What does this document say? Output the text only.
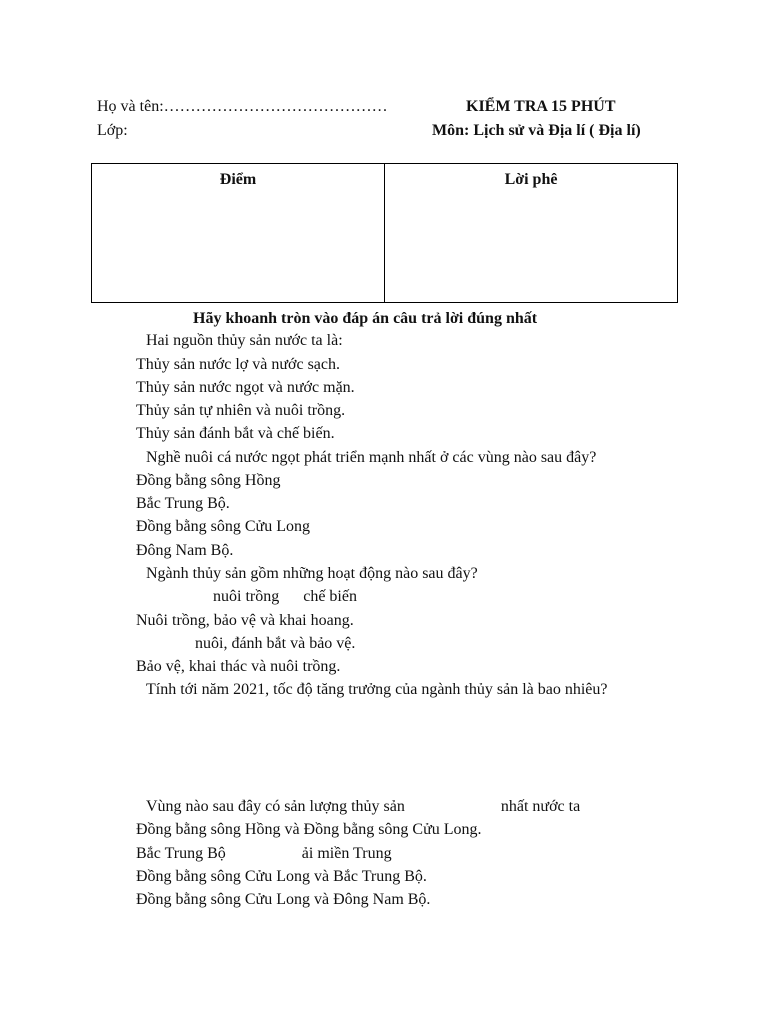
Họ và tên:……………………………………
Lớp:
KIỂM TRA 15 PHÚT
Môn: Lịch sử và Địa lí ( Địa lí)
Điểm	Lời phê
Hãy khoanh tròn vào đáp án câu trả lời đúng nhất
Hai nguồn thủy sản nước ta là:
Thủy sản nước lợ và nước sạch.
Thủy sản nước ngọt và nước mặn.
Thủy sản tự nhiên và nuôi trồng.
Thủy sản đánh bắt và chế biến.
Nghề nuôi cá nước ngọt phát triển mạnh nhất ở các vùng nào sau đây?
Đồng bằng sông Hồng
Bắc Trung Bộ.
Đồng bằng sông Cửu Long
Đông Nam Bộ.
Ngành thủy sản gồm những hoạt động nào sau đây?
nuôi trồng      chế biến
Nuôi trồng, bảo vệ và khai hoang.
nuôi, đánh bắt và bảo vệ.
Bảo vệ, khai thác và nuôi trồng.
Tính tới năm 2021, tốc độ tăng trưởng của ngành thủy sản là bao nhiêu?
Vùng nào sau đây có sản lượng thủy sản                        nhất nước ta
Đồng bằng sông Hồng và Đồng bằng sông Cửu Long.
Bắc Trung Bộ                   ải miền Trung
Đồng bằng sông Cửu Long và Bắc Trung Bộ.
Đồng bằng sông Cửu Long và Đông Nam Bộ.
